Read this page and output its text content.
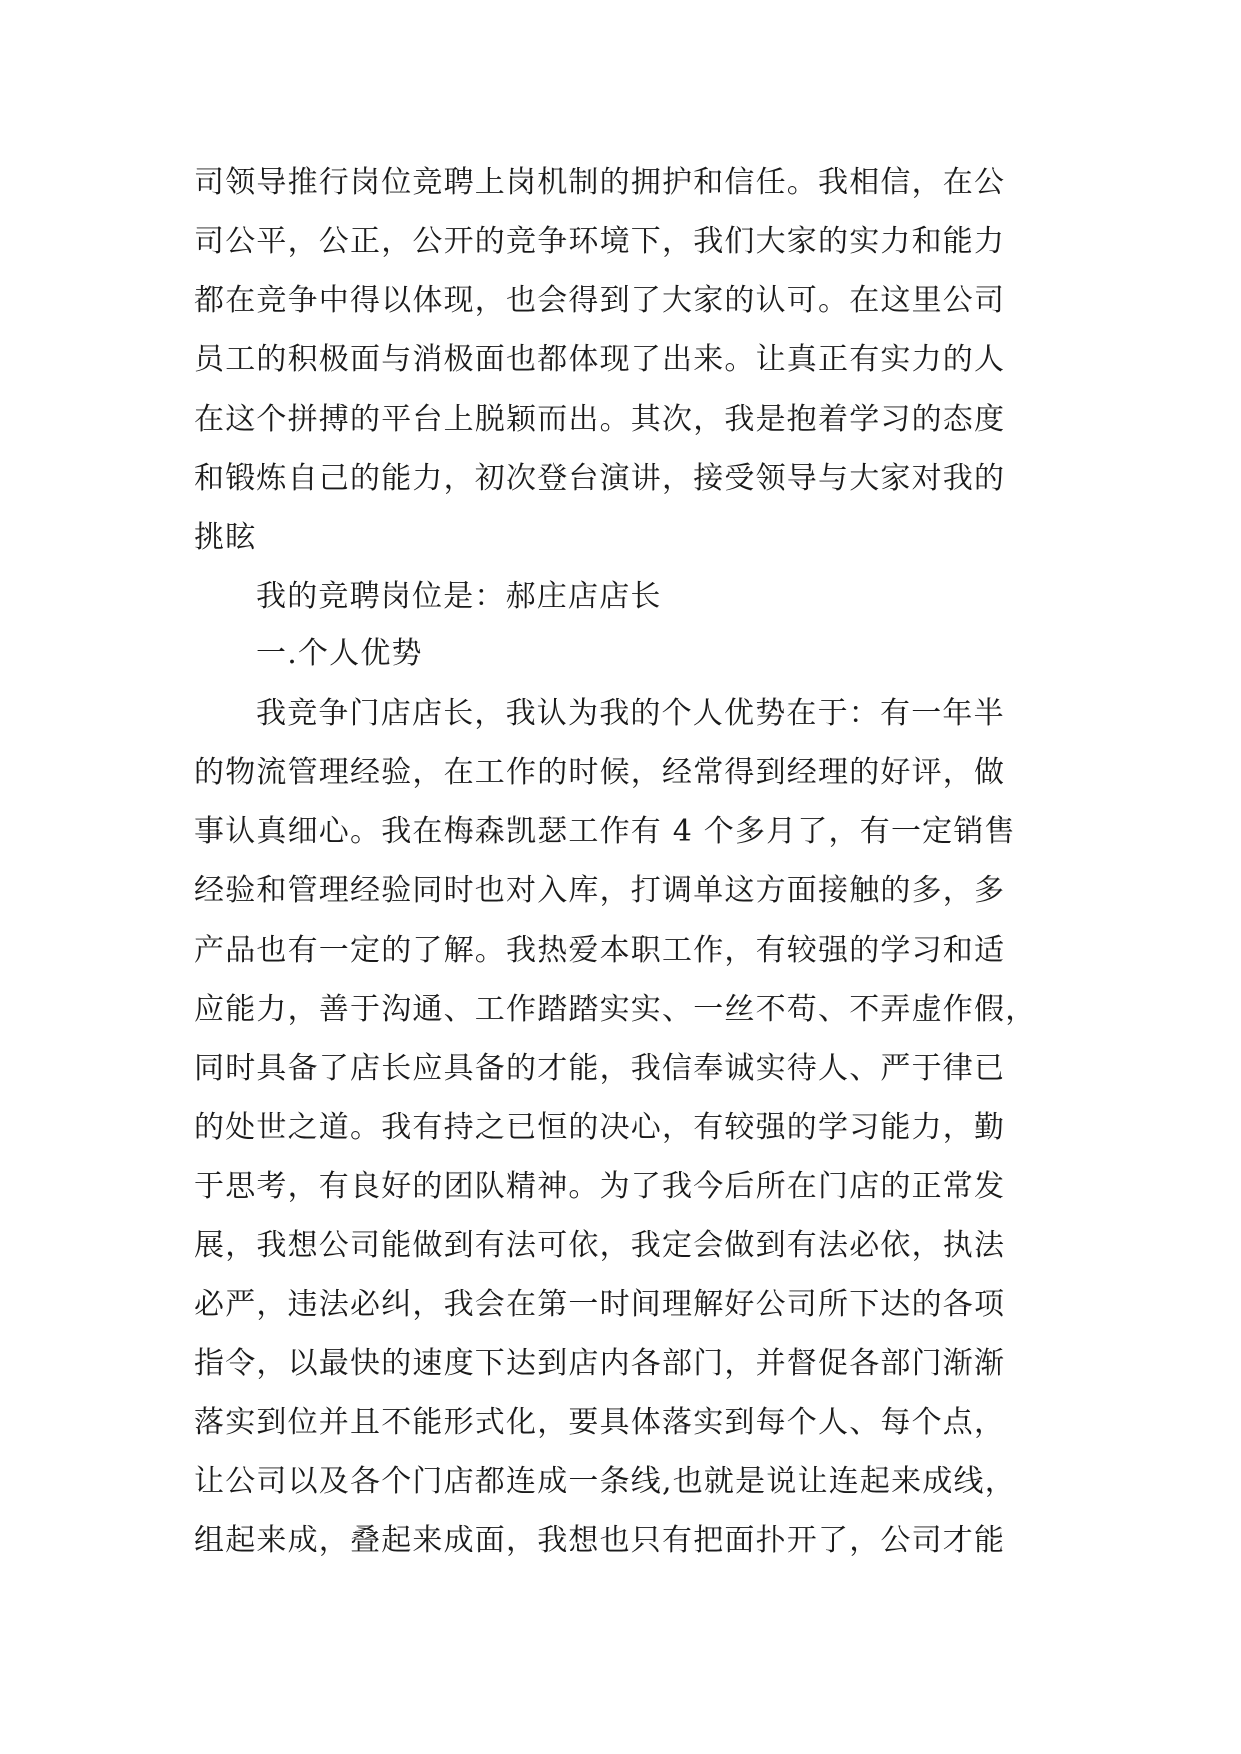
司领导推行岗位竞聘上岗机制的拥护和信任。我相信，在公
司公平，公正，公开的竞争环境下，我们大家的实力和能力
都在竞争中得以体现，也会得到了大家的认可。在这里公司
员工的积极面与消极面也都体现了出来。让真正有实力的人
在这个拼搏的平台上脱颖而出。其次，我是抱着学习的态度
和锻炼自己的能力，初次登台演讲，接受领导与大家对我的
挑眩
我的竞聘岗位是：郝庄店店长
一.个人优势
我竞争门店店长，我认为我的个人优势在于：有一年半
的物流管理经验，在工作的时候，经常得到经理的好评，做
事认真细心。我在梅森凯瑟工作有 4 个多月了，有一定销售
经验和管理经验同时也对入库，打调单这方面接触的多，多
产品也有一定的了解。我热爱本职工作，有较强的学习和适
应能力，善于沟通、工作踏踏实实、一丝不苟、不弄虚作假，
同时具备了店长应具备的才能，我信奉诚实待人、严于律已
的处世之道。我有持之已恒的决心，有较强的学习能力，勤
于思考，有良好的团队精神。为了我今后所在门店的正常发
展，我想公司能做到有法可依，我定会做到有法必依，执法
必严，违法必纠，我会在第一时间理解好公司所下达的各项
指令，以最快的速度下达到店内各部门，并督促各部门渐渐
落实到位并且不能形式化，要具体落实到每个人、每个点，
让公司以及各个门店都连成一条线,也就是说让连起来成线，
组起来成，叠起来成面，我想也只有把面扑开了，公司才能
